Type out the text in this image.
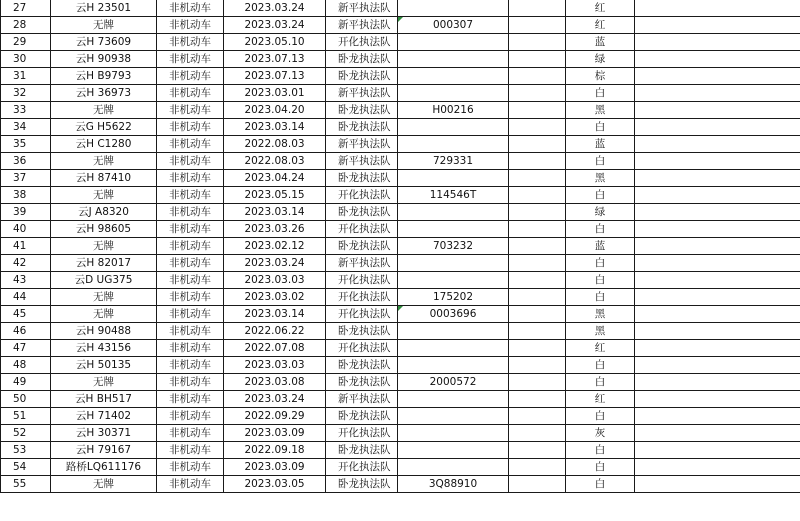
27	云H 23501	非机动车	2023.03.24	新平执法队			红	
28	无牌	非机动车	2023.03.24	新平执法队	000307		红	
29	云H 73609	非机动车	2023.05.10	开化执法队			蓝	
30	云H 90938	非机动车	2023.07.13	卧龙执法队			绿	
31	云H B9793	非机动车	2023.07.13	卧龙执法队			棕	
32	云H 36973	非机动车	2023.03.01	新平执法队			白	
33	无牌	非机动车	2023.04.20	卧龙执法队	H00216		黑	
34	云G H5622	非机动车	2023.03.14	卧龙执法队			白	
35	云H C1280	非机动车	2022.08.03	新平执法队			蓝	
36	无牌	非机动车	2022.08.03	新平执法队	729331		白	
37	云H 87410	非机动车	2023.04.24	卧龙执法队			黑	
38	无牌	非机动车	2023.05.15	开化执法队	114546T		白	
39	云J A8320	非机动车	2023.03.14	卧龙执法队			绿	
40	云H 98605	非机动车	2023.03.26	开化执法队			白	
41	无牌	非机动车	2023.02.12	卧龙执法队	703232		蓝	
42	云H 82017	非机动车	2023.03.24	新平执法队			白	
43	云D UG375	非机动车	2023.03.03	开化执法队			白	
44	无牌	非机动车	2023.03.02	开化执法队	175202		白	
45	无牌	非机动车	2023.03.14	开化执法队	0003696		黑	
46	云H 90488	非机动车	2022.06.22	卧龙执法队			黑	
47	云H 43156	非机动车	2022.07.08	开化执法队			红	
48	云H 50135	非机动车	2023.03.03	卧龙执法队			白	
49	无牌	非机动车	2023.03.08	卧龙执法队	2000572		白	
50	云H BH517	非机动车	2023.03.24	新平执法队			红	
51	云H 71402	非机动车	2022.09.29	卧龙执法队			白	
52	云H 30371	非机动车	2023.03.09	开化执法队			灰	
53	云H 79167	非机动车	2022.09.18	卧龙执法队			白	
54	路桥LQ611176	非机动车	2023.03.09	开化执法队			白	
55	无牌	非机动车	2023.03.05	卧龙执法队	3Q88910		白	
